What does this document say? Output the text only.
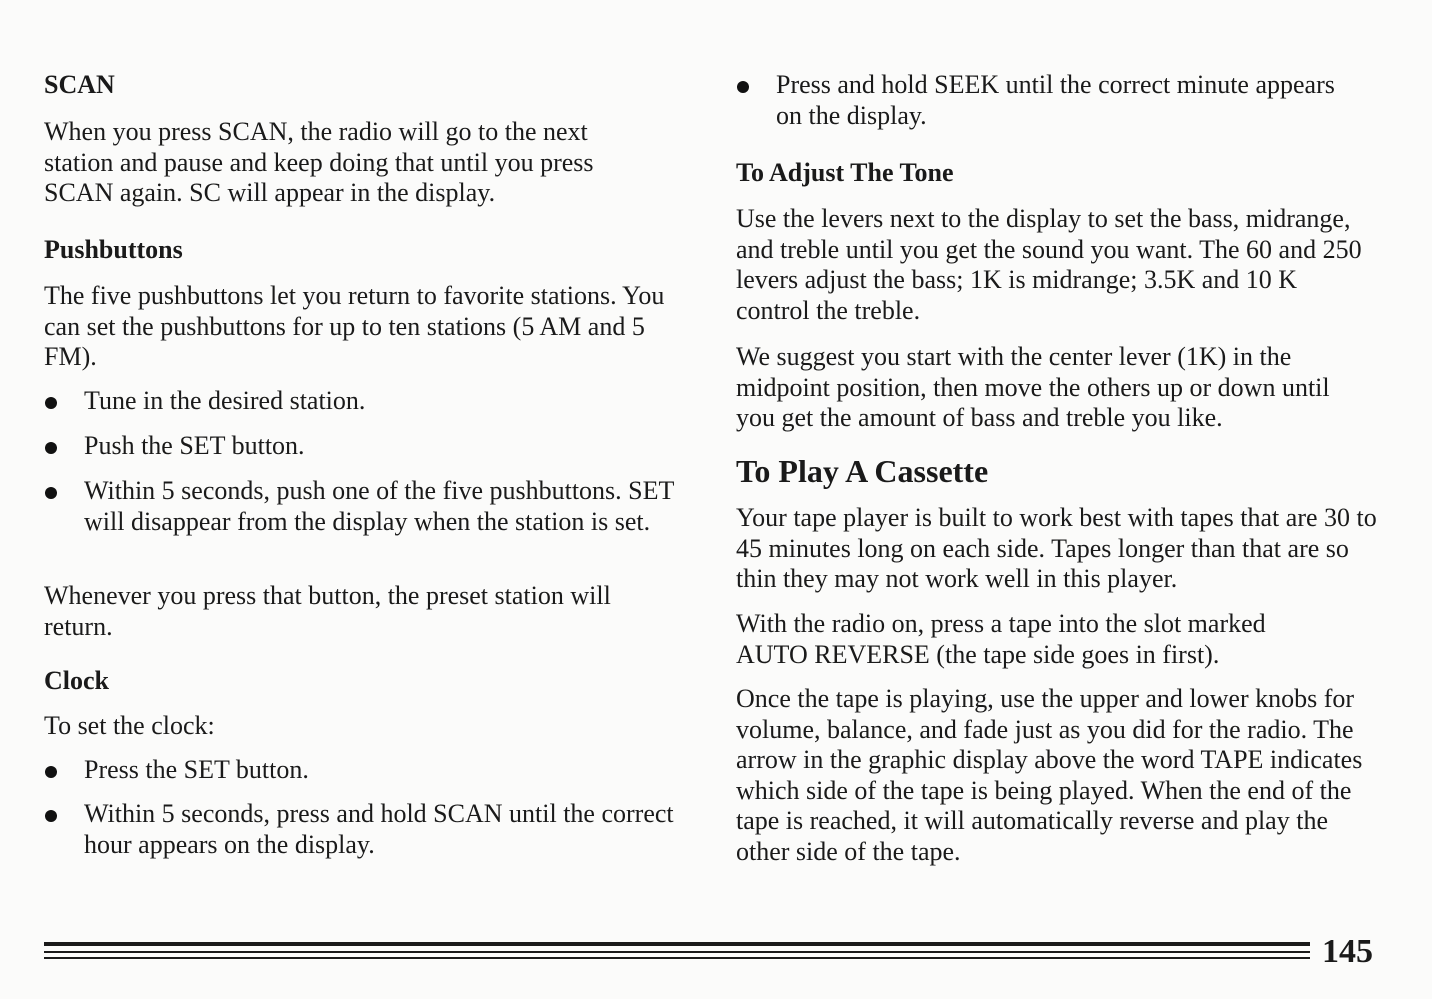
SCAN

When you press SCAN, the radio will go to the next station and pause and keep doing that until you press SCAN again. SC will appear in the display.

Pushbuttons

The five pushbuttons let you return to favorite stations. You can set the pushbuttons for up to ten stations (5 AM and 5 FM).

Tune in the desired station.
Push the SET button.
Within 5 seconds, push one of the five pushbuttons. SET will disappear from the display when the station is set.

Whenever you press that button, the preset station will return.

Clock

To set the clock:

Press the SET button.
Within 5 seconds, press and hold SCAN until the correct hour appears on the display.
Press and hold SEEK until the correct minute appears on the display.
To Adjust The Tone

Use the levers next to the display to set the bass, midrange, and treble until you get the sound you want. The 60 and 250 levers adjust the bass; 1K is midrange; 3.5K and 10 K control the treble.

We suggest you start with the center lever (1K) in the midpoint position, then move the others up or down until you get the amount of bass and treble you like.

To Play A Cassette

Your tape player is built to work best with tapes that are 30 to 45 minutes long on each side. Tapes longer than that are so thin they may not work well in this player.

With the radio on, press a tape into the slot marked AUTO REVERSE (the tape side goes in first).

Once the tape is playing, use the upper and lower knobs for volume, balance, and fade just as you did for the radio. The arrow in the graphic display above the word TAPE indicates which side of the tape is being played. When the end of the tape is reached, it will automatically reverse and play the other side of the tape.

145
